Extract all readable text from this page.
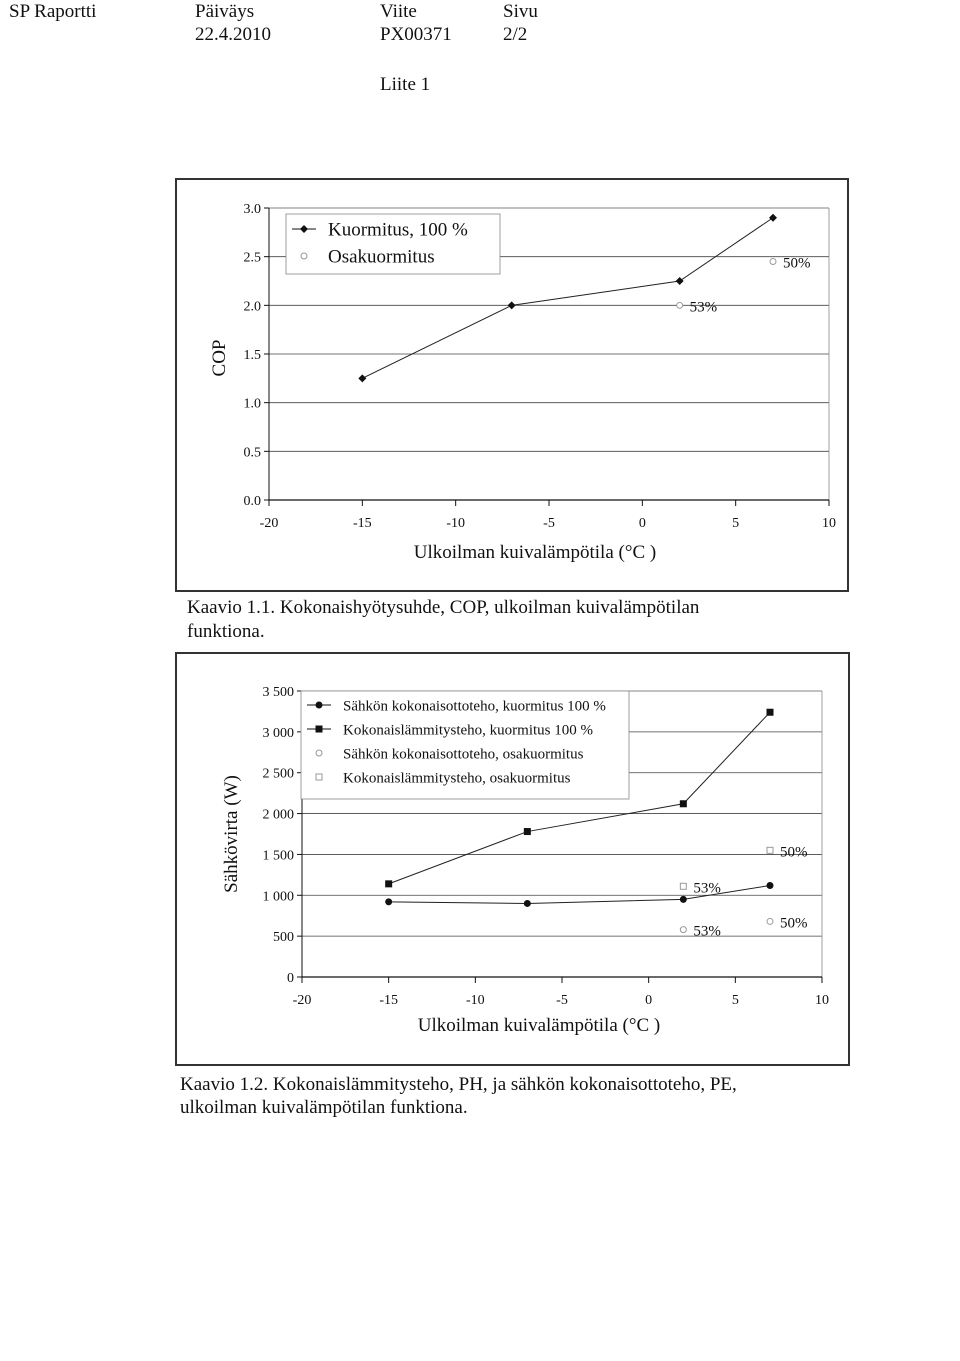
SP Raportti	Päiväys
22.4.2010
Viite
PX00371
Sivu
2/2
Liite 1
0.0
0.5
1.0
1.5
2.0
2.5
3.0
-20	-15	-10	-5	0	5	10
Ulkoilman kuivalämpötila (°C )
COP
Kuormitus, 100 %
Osakuormitus
53%
50%
Kaavio 1.1. Kokonaishyötysuhde, COP, ulkoilman kuivalämpötilan
funktiona.
0
500
1 000
1 500
2 000
2 500
3 000
3 500
-20	-15	-10	-5	0	5	10
Ulkoilman kuivalämpötila (°C )
Sähkövirta (W)
Sähkön kokonaisottoteho, kuormitus 100 %
Kokonaislämmitysteho, kuormitus 100 %
Sähkön kokonaisottoteho, osakuormitus
Kokonaislämmitysteho, osakuormitus
53%
50%
53%
50%
Kaavio 1.2. Kokonaislämmitysteho, PH, ja sähkön kokonaisottoteho, PE,
ulkoilman kuivalämpötilan funktiona.
